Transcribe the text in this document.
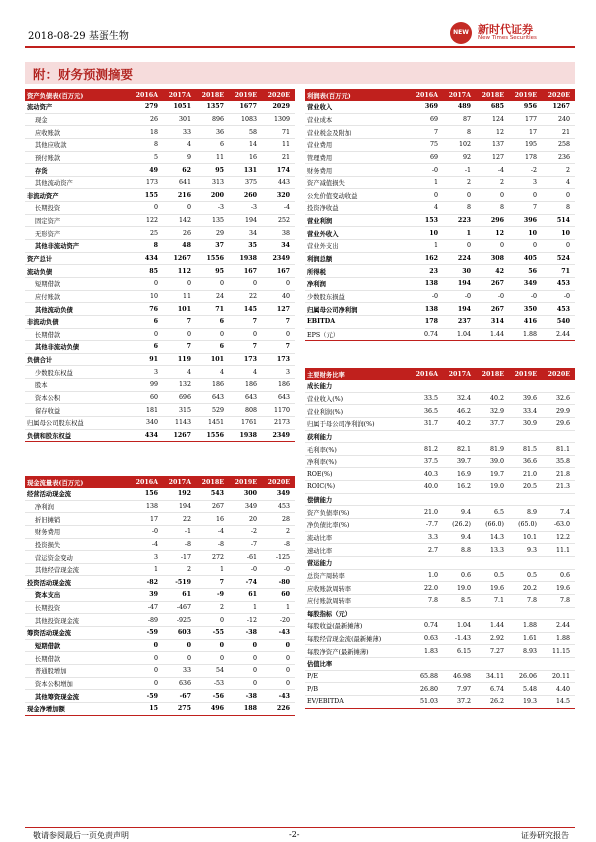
2018-08-29 基蛋生物	NEW TIMES
新时代证券
New Times Securities
附：财务预测摘要
资产负债表(百万元)	2016A	2017A	2018E	2019E	2020E
流动资产	279	1051	1357	1677	2029
现金	26	301	896	1083	1309
应收账款	18	33	36	58	71
其他应收款	8	4	6	14	11
预付账款	5	9	11	16	21
存货	49	62	95	131	174
其他流动资产	173	641	313	375	443
非流动资产	155	216	200	260	320
长期投资	0	0	-3	-3	-4
固定资产	122	142	135	194	252
无形资产	25	26	29	34	38
其他非流动资产	8	48	37	35	34
资产总计	434	1267	1556	1938	2349
流动负债	85	112	95	167	167
短期借款	0	0	0	0	0
应付账款	10	11	24	22	40
其他流动负债	76	101	71	145	127
非流动负债	6	7	6	7	7
长期借款	0	0	0	0	0
其他非流动负债	6	7	6	7	7
负债合计	91	119	101	173	173
少数股东权益	3	4	4	4	3
股本	99	132	186	186	186
资本公积	60	696	643	643	643
留存收益	181	315	529	808	1170
归属母公司股东权益	340	1143	1451	1761	2173
负债和股东权益	434	1267	1556	1938	2349
利润表(百万元)	2016A	2017A	2018E	2019E	2020E
营业收入	369	489	685	956	1267
营业成本	69	87	124	177	240
营业税金及附加	7	8	12	17	21
营业费用	75	102	137	195	258
管理费用	69	92	127	178	236
财务费用	-0	-1	-4	-2	2
资产减值损失	1	2	2	3	4
公允价值变动收益	0	0	0	0	0
投资净收益	4	8	8	7	8
营业利润	153	223	296	396	514
营业外收入	10	1	12	10	10
营业外支出	1	0	0	0	0
利润总额	162	224	308	405	524
所得税	23	30	42	56	71
净利润	138	194	267	349	453
少数股东损益	-0	-0	-0	-0	-0
归属母公司净利润	138	194	267	350	453
EBITDA	178	237	314	416	540
EPS（元）	0.74	1.04	1.44	1.88	2.44
主要财务比率	2016A	2017A	2018E	2019E	2020E
成长能力
营业收入(%)	33.5	32.4	40.2	39.6	32.6
营业利润(%)	36.5	46.2	32.9	33.4	29.9
归属于母公司净利润(%)	31.7	40.2	37.7	30.9	29.6
获利能力
毛利率(%)	81.2	82.1	81.9	81.5	81.1
净利率(%)	37.5	39.7	39.0	36.6	35.8
ROE(%)	40.3	16.9	19.7	21.0	21.8
ROIC(%)	40.0	16.2	19.0	20.5	21.3
偿债能力
资产负债率(%)	21.0	9.4	6.5	8.9	7.4
净负债比率(%)	-7.7	(26.2)	(66.0)	(65.0)	-63.0
流动比率	3.3	9.4	14.3	10.1	12.2
速动比率	2.7	8.8	13.3	9.3	11.1
营运能力
总资产周转率	1.0	0.6	0.5	0.5	0.6
应收账款周转率	22.0	19.0	19.6	20.2	19.6
应付账款周转率	7.8	8.5	7.1	7.8	7.8
每股指标（元）
每股收益(最新摊薄)	0.74	1.04	1.44	1.88	2.44
每股经营现金流(最新摊薄)	0.63	-1.43	2.92	1.61	1.88
每股净资产(最新摊薄)	1.83	6.15	7.27	8.93	11.15
估值比率
P/E	65.88	46.98	34.11	26.06	20.11
P/B	26.80	7.97	6.74	5.48	4.40
EV/EBITDA	51.03	37.2	26.2	19.3	14.5
现金流量表(百万元)	2016A	2017A	2018E	2019E	2020E
经营活动现金流	156	192	543	300	349
净利润	138	194	267	349	453
折旧摊销	17	22	16	20	28
财务费用	-0	-1	-4	-2	2
投资损失	-4	-8	-8	-7	-8
营运资金变动	3	-17	272	-61	-125
其他经营现金流	1	2	1	-0	-0
投资活动现金流	-82	-519	7	-74	-80
资本支出	39	61	-9	61	60
长期投资	-47	-467	2	1	1
其他投资现金流	-89	-925	0	-12	-20
筹资活动现金流	-59	603	-55	-38	-43
短期借款	0	0	0	0	0
长期借款	0	0	0	0	0
普通股增加	0	33	54	0	0
资本公积增加	0	636	-53	0	0
其他筹资现金流	-59	-67	-56	-38	-43
现金净增加额	15	275	496	188	226
敬请参阅最后一页免责声明	-2-	证券研究报告
